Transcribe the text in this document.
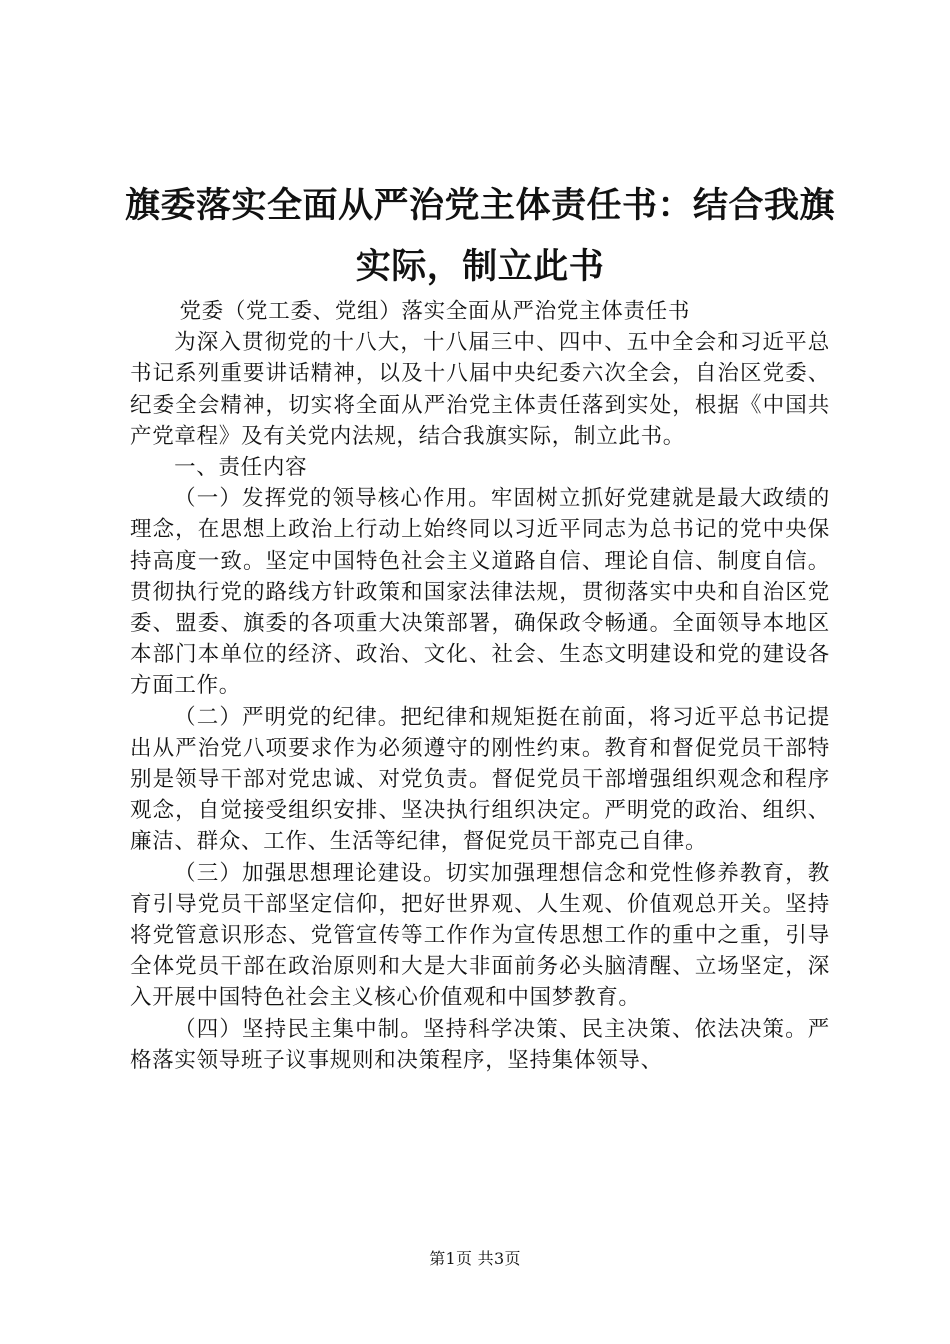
旗委落实全面从严治党主体责任书：结合我旗
实际，制立此书

党委（党工委、党组）落实全面从严治党主体责任书

为深入贯彻党的十八大，十八届三中、四中、五中全会和习近平总书记系列重要讲话精神，以及十八届中央纪委六次全会，自治区党委、纪委全会精神，切实将全面从严治党主体责任落到实处，根据《中国共产党章程》及有关党内法规，结合我旗实际，制立此书。

一、责任内容

（一）发挥党的领导核心作用。牢固树立抓好党建就是最大政绩的理念，在思想上政治上行动上始终同以习近平同志为总书记的党中央保持高度一致。坚定中国特色社会主义道路自信、理论自信、制度自信。贯彻执行党的路线方针政策和国家法律法规，贯彻落实中央和自治区党委、盟委、旗委的各项重大决策部署，确保政令畅通。全面领导本地区本部门本单位的经济、政治、文化、社会、生态文明建设和党的建设各方面工作。

（二）严明党的纪律。把纪律和规矩挺在前面，将习近平总书记提出从严治党八项要求作为必须遵守的刚性约束。教育和督促党员干部特别是领导干部对党忠诚、对党负责。督促党员干部增强组织观念和程序观念，自觉接受组织安排、坚决执行组织决定。严明党的政治、组织、廉洁、群众、工作、生活等纪律，督促党员干部克己自律。

（三）加强思想理论建设。切实加强理想信念和党性修养教育，教育引导党员干部坚定信仰，把好世界观、人生观、价值观总开关。坚持将党管意识形态、党管宣传等工作作为宣传思想工作的重中之重，引导全体党员干部在政治原则和大是大非面前务必头脑清醒、立场坚定，深入开展中国特色社会主义核心价值观和中国梦教育。

（四）坚持民主集中制。坚持科学决策、民主决策、依法决策。严格落实领导班子议事规则和决策程序，坚持集体领导、

第1页 共3页
